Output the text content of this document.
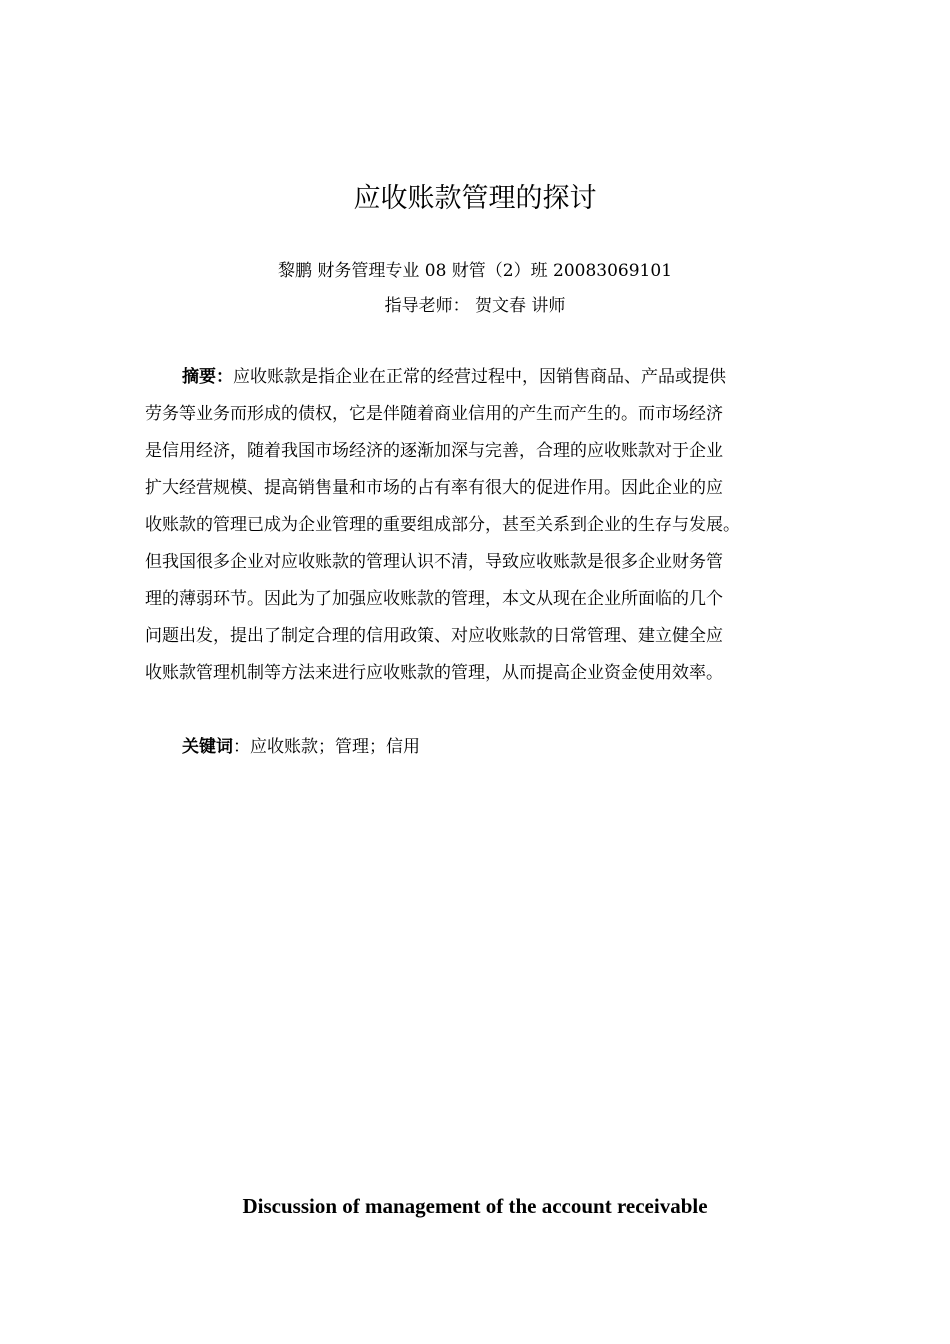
应收账款管理的探讨
黎鹏 财务管理专业 08 财管（2）班 20083069101
指导老师： 贺文春 讲师
摘要：应收账款是指企业在正常的经营过程中，因销售商品、产品或提供
劳务等业务而形成的债权，它是伴随着商业信用的产生而产生的。而市场经济
是信用经济，随着我国市场经济的逐渐加深与完善，合理的应收账款对于企业
扩大经营规模、提高销售量和市场的占有率有很大的促进作用。因此企业的应
收账款的管理已成为企业管理的重要组成部分，甚至关系到企业的生存与发展。
但我国很多企业对应收账款的管理认识不清，导致应收账款是很多企业财务管
理的薄弱环节。因此为了加强应收账款的管理，本文从现在企业所面临的几个
问题出发，提出了制定合理的信用政策、对应收账款的日常管理、建立健全应
收账款管理机制等方法来进行应收账款的管理，从而提高企业资金使用效率。
关键词：应收账款；管理；信用
Discussion of management of the account receivable
